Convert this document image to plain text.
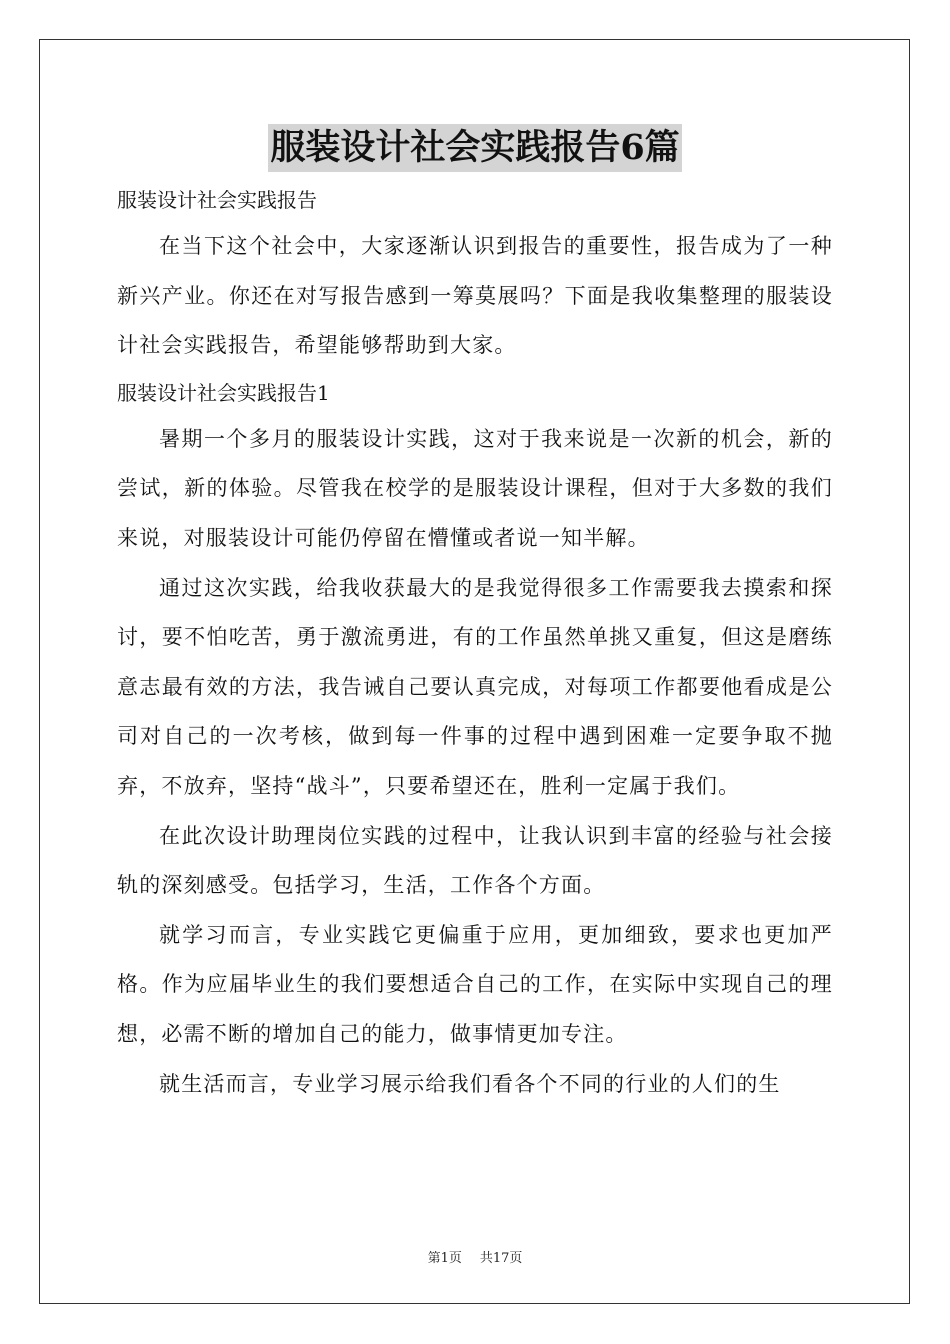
服装设计社会实践报告6篇

服装设计社会实践报告

在当下这个社会中，大家逐渐认识到报告的重要性，报告成为了一种新兴产业。你还在对写报告感到一筹莫展吗？下面是我收集整理的服装设计社会实践报告，希望能够帮助到大家。

服装设计社会实践报告1

暑期一个多月的服装设计实践，这对于我来说是一次新的机会，新的尝试，新的体验。尽管我在校学的是服装设计课程，但对于大多数的我们来说，对服装设计可能仍停留在懵懂或者说一知半解。

通过这次实践，给我收获最大的是我觉得很多工作需要我去摸索和探讨，要不怕吃苦，勇于激流勇进，有的工作虽然单挑又重复，但这是磨练意志最有效的方法，我告诫自己要认真完成，对每项工作都要他看成是公司对自己的一次考核，做到每一件事的过程中遇到困难一定要争取不抛弃，不放弃，坚持“战斗”，只要希望还在，胜利一定属于我们。

在此次设计助理岗位实践的过程中，让我认识到丰富的经验与社会接轨的深刻感受。包括学习，生活，工作各个方面。

就学习而言，专业实践它更偏重于应用，更加细致，要求也更加严格。作为应届毕业生的我们要想适合自己的工作，在实际中实现自己的理想，必需不断的增加自己的能力，做事情更加专注。

就生活而言，专业学习展示给我们看各个不同的行业的人们的生

第1页 共17页
